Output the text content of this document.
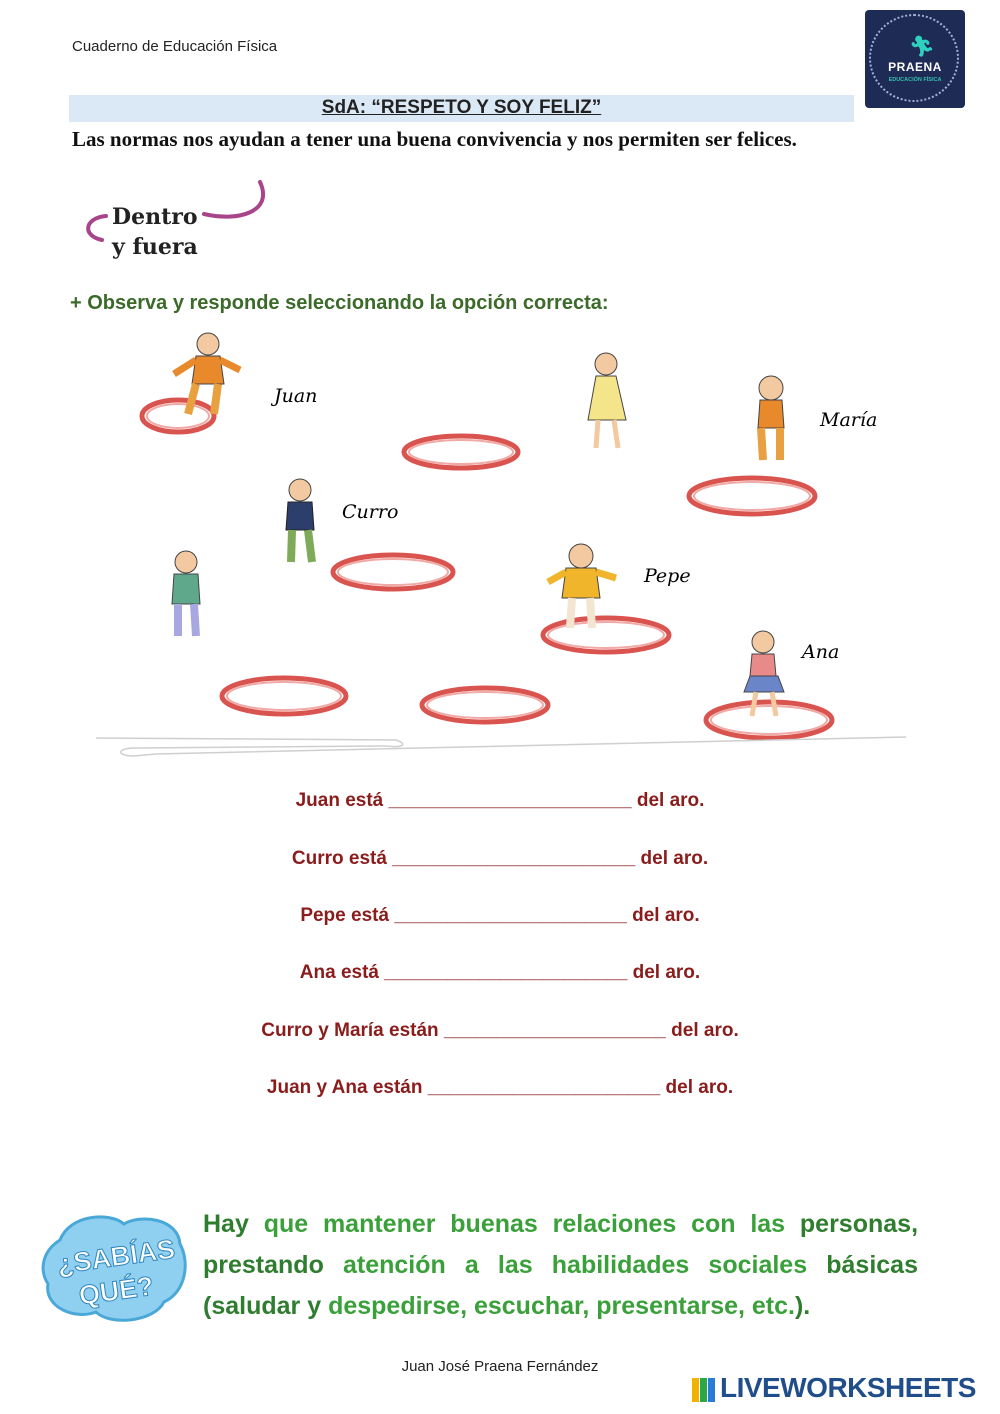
Cuaderno de Educación Física	🏃︎
PRAENA
EDUCACIÓN FÍSICA
SdA: “RESPETO Y SOY FELIZ”
Las normas nos ayudan a tener una buena convivencia y nos permiten ser felices.
Dentro
y fuera
+ Observa y responde seleccionando la opción correcta:
Juan
María
Curro
Pepe
Ana
Juan está _______________________ del aro.
Curro está _______________________ del aro.
Pepe está ______________________ del aro.
Ana está _______________________ del aro.
Curro y María están _____________________ del aro.
Juan y Ana están ______________________ del aro.
¿SABÍAS
QUÉ?
Hay que mantener buenas relaciones con las personas, prestando atención a las habilidades sociales básicas (saludar y despedirse, escuchar, presentarse, etc.).
Juan José Praena Fernández
LIVEWORKSHEETS
